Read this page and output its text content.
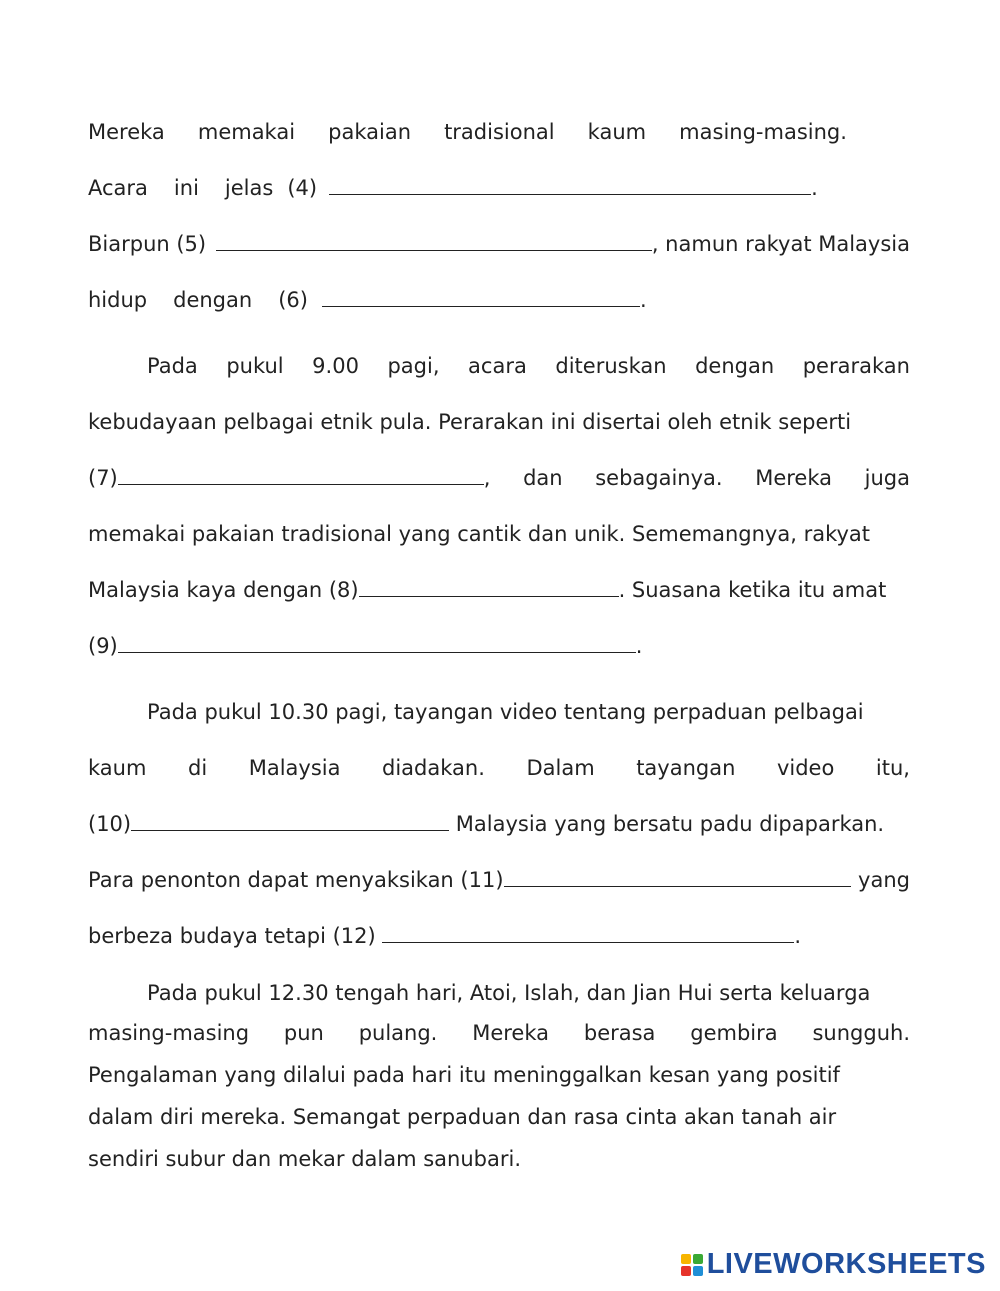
Mereka memakai pakaian tradisional kaum masing-masing.
Acara ini jelas (4)	.
Biarpun (5)	, namun rakyat Malaysia
hidup dengan (6)	.
Pada pukul 9.00 pagi, acara diteruskan dengan perarakan
kebudayaan pelbagai etnik pula. Perarakan ini disertai oleh etnik seperti
(7)	, dan sebagainya. Mereka juga
memakai pakaian tradisional yang cantik dan unik. Sememangnya, rakyat
Malaysia kaya dengan (8)	. Suasana ketika itu amat
(9)	.
Pada pukul 10.30 pagi, tayangan video tentang perpaduan pelbagai
kaum di Malaysia diadakan. Dalam tayangan video itu,
(10)	Malaysia yang bersatu padu dipaparkan.
Para penonton dapat menyaksikan (11)	yang
berbeza budaya tetapi (12)	.
Pada pukul 12.30 tengah hari, Atoi, Islah, dan Jian Hui serta keluarga
masing-masing pun pulang. Mereka berasa gembira sungguh.
Pengalaman yang dilalui pada hari itu meninggalkan kesan yang positif
dalam diri mereka. Semangat perpaduan dan rasa cinta akan tanah air
sendiri subur dan mekar dalam sanubari.
LIVEWORKSHEETS
